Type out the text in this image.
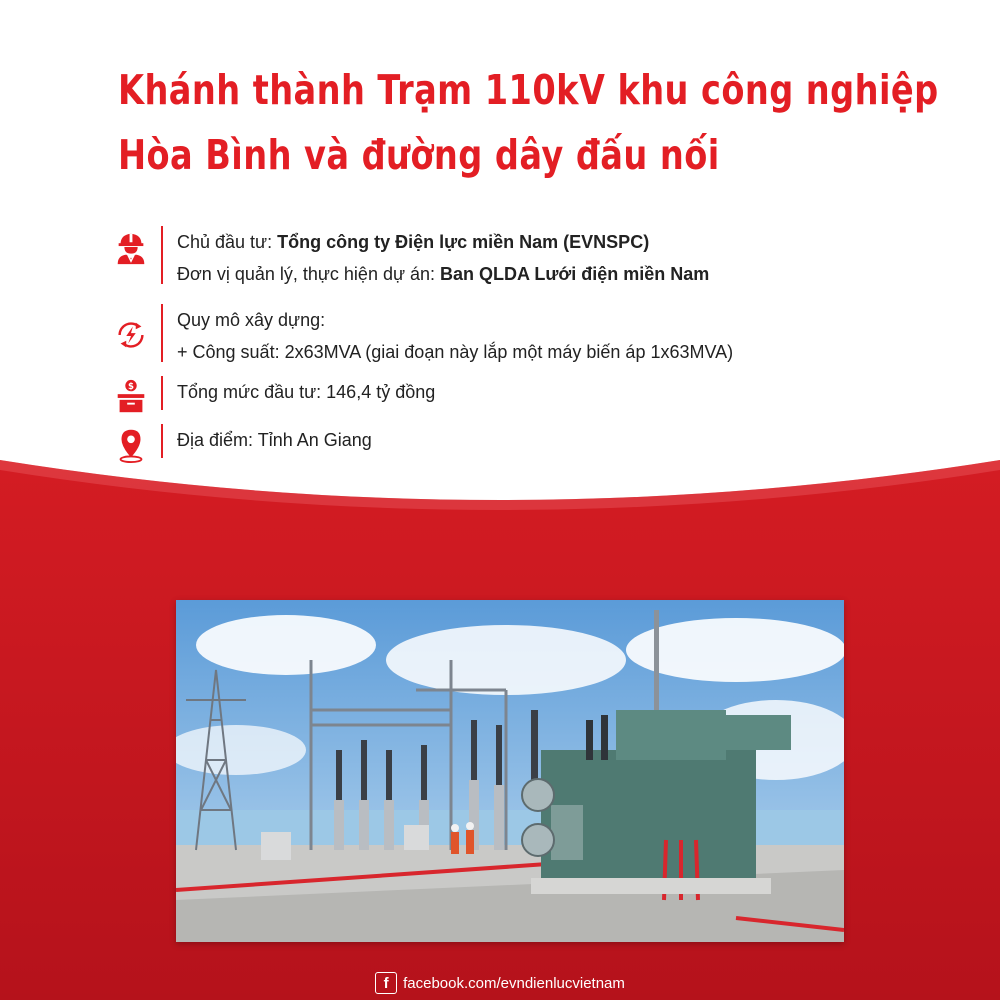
Khánh thành Trạm 110kV khu công nghiệp
Hòa Bình và đường dây đấu nối
Chủ đầu tư: Tổng công ty Điện lực miền Nam (EVNSPC)
Đơn vị quản lý, thực hiện dự án: Ban QLDA Lưới điện miền Nam
Quy mô xây dựng:
+ Công suất: 2x63MVA (giai đoạn này lắp một máy biến áp 1x63MVA)
$ Tổng mức đầu tư: 146,4 tỷ đồng
Địa điểm: Tỉnh An Giang
f facebook.com/evndienlucvietnam
